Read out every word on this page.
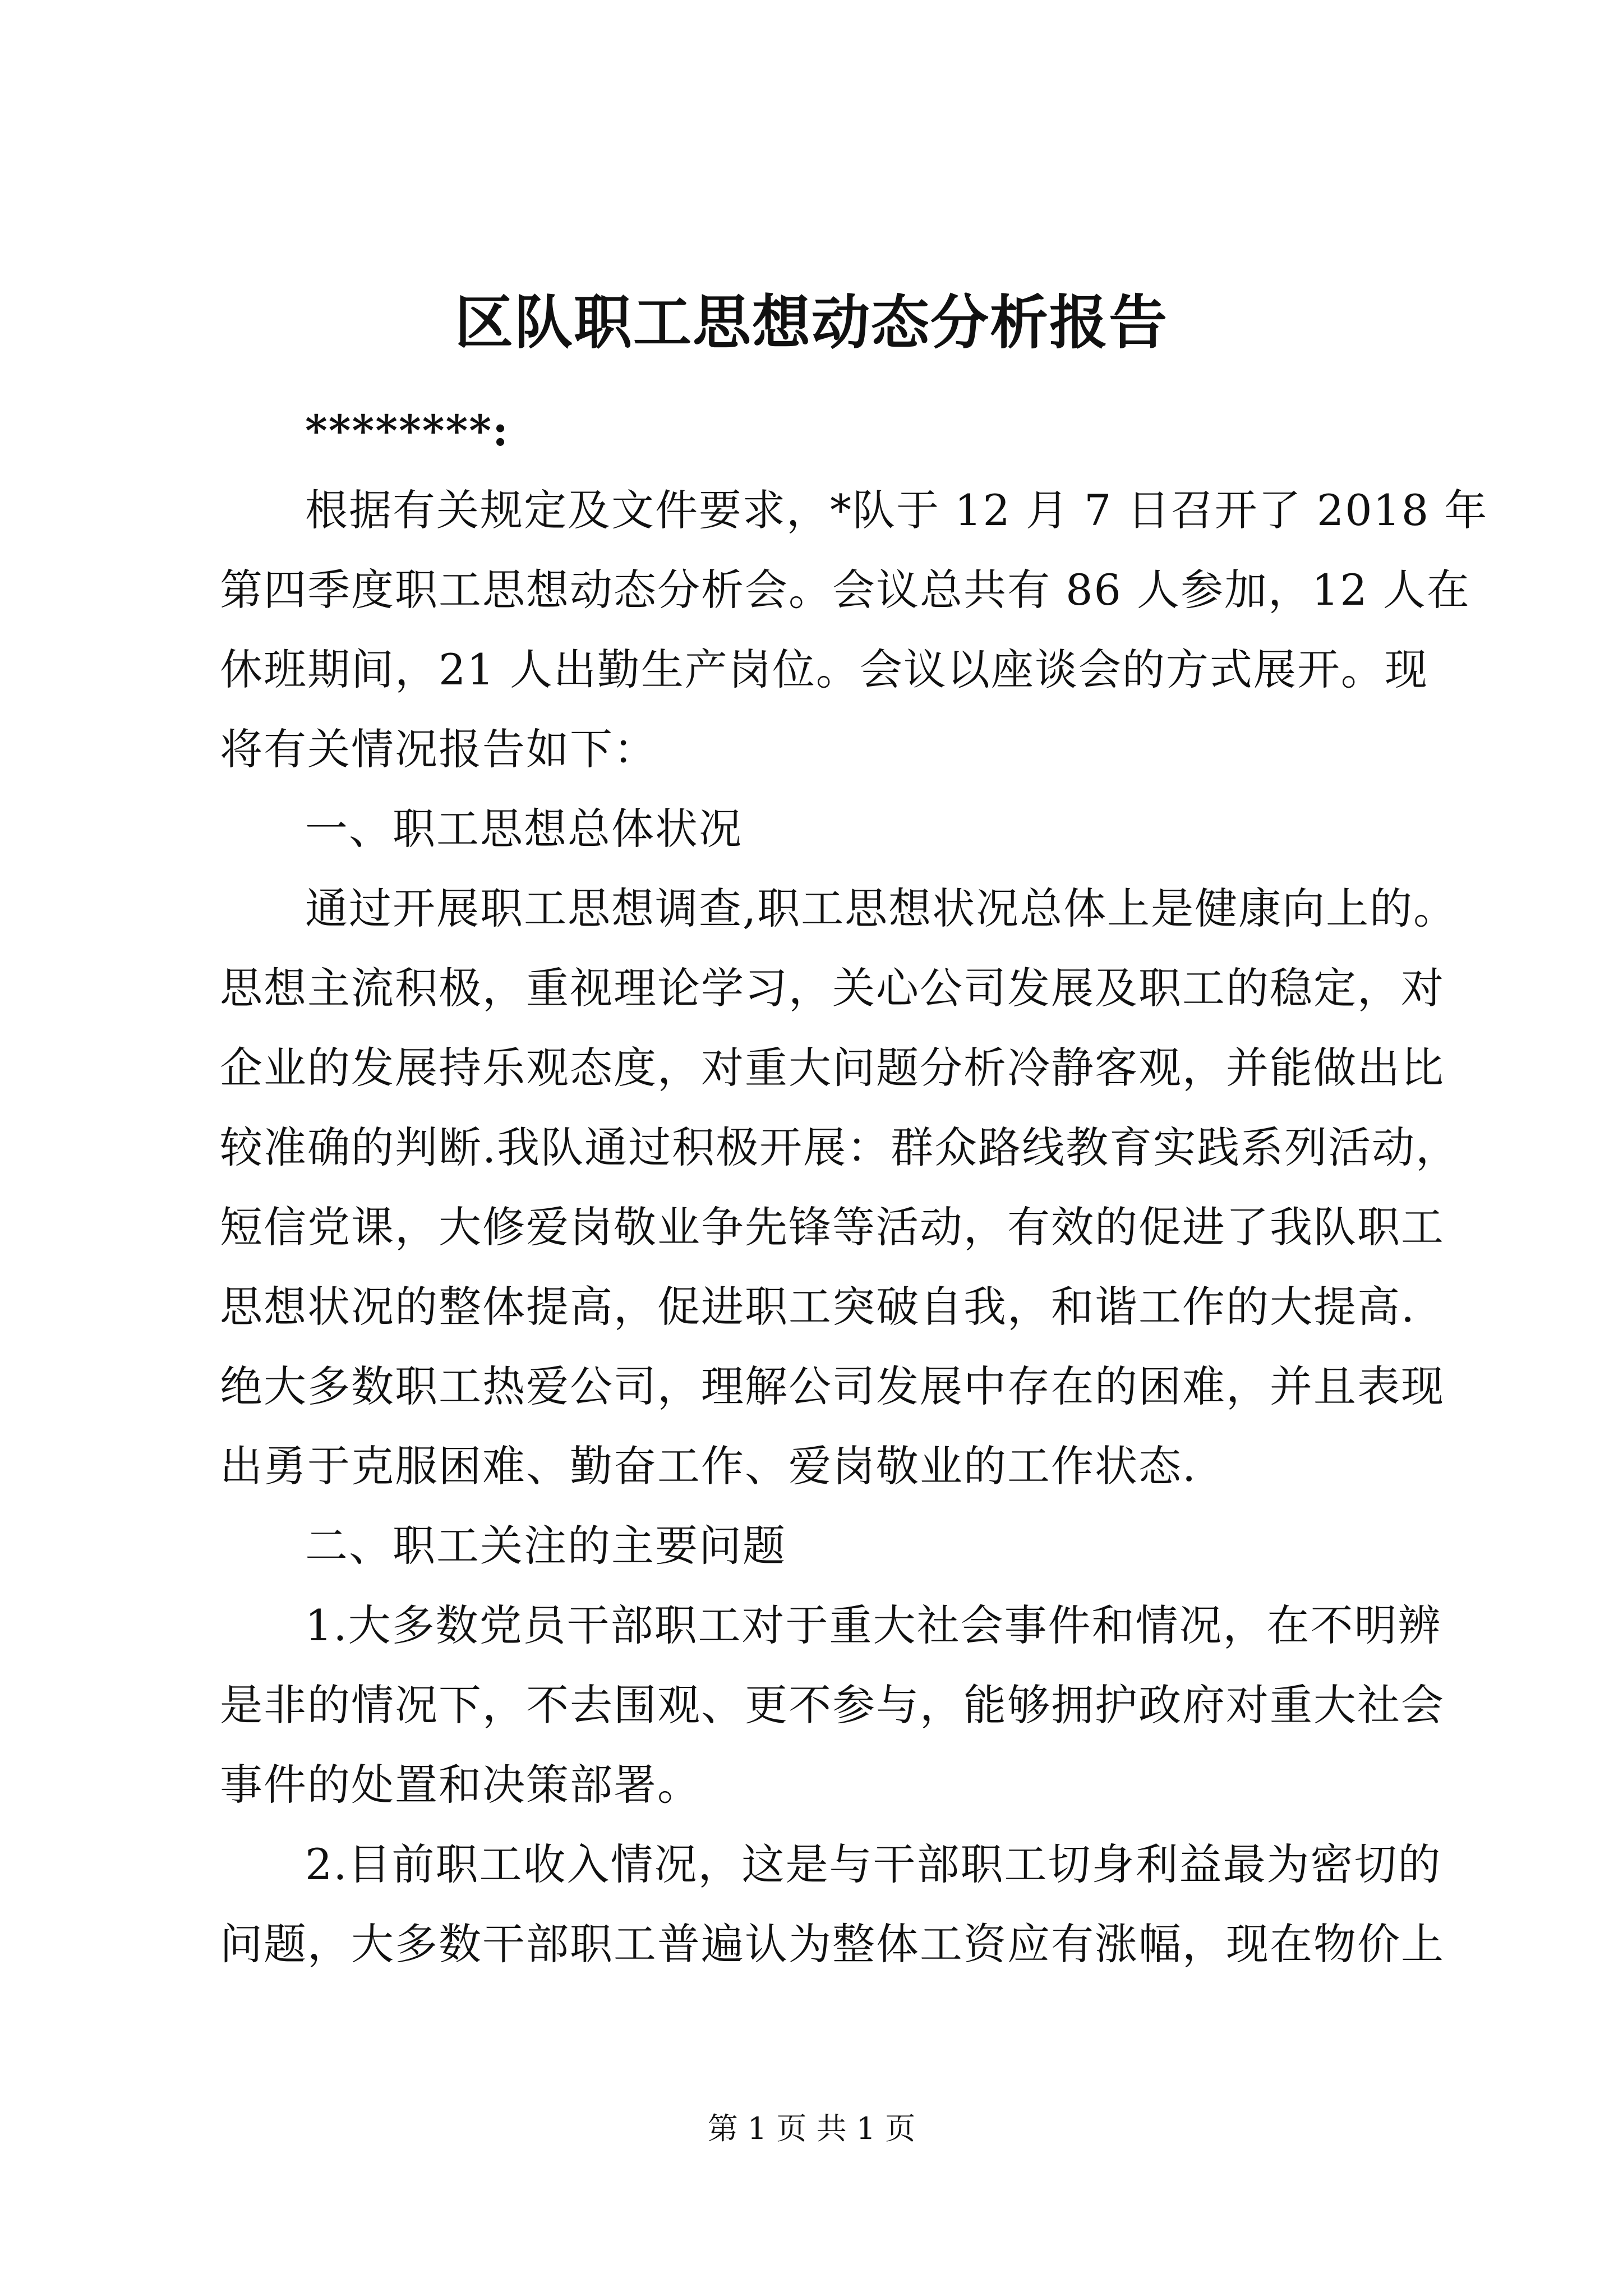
区队职工思想动态分析报告
********:
根据有关规定及文件要求，*队于 12 月 7 日召开了 2018 年
第四季度职工思想动态分析会。会议总共有 86 人参加，12 人在
休班期间，21 人出勤生产岗位。会议以座谈会的方式展开。现
将有关情况报告如下：
一、职工思想总体状况
通过开展职工思想调查,职工思想状况总体上是健康向上的。
思想主流积极，重视理论学习，关心公司发展及职工的稳定，对
企业的发展持乐观态度，对重大问题分析冷静客观，并能做出比
较准确的判断.我队通过积极开展：群众路线教育实践系列活动，
短信党课，大修爱岗敬业争先锋等活动，有效的促进了我队职工
思想状况的整体提高，促进职工突破自我，和谐工作的大提高.
绝大多数职工热爱公司，理解公司发展中存在的困难，并且表现
出勇于克服困难、勤奋工作、爱岗敬业的工作状态.
二、职工关注的主要问题
1.大多数党员干部职工对于重大社会事件和情况，在不明辨
是非的情况下，不去围观、更不参与，能够拥护政府对重大社会
事件的处置和决策部署。
2.目前职工收入情况，这是与干部职工切身利益最为密切的
问题，大多数干部职工普遍认为整体工资应有涨幅，现在物价上
第 1 页 共 1 页
